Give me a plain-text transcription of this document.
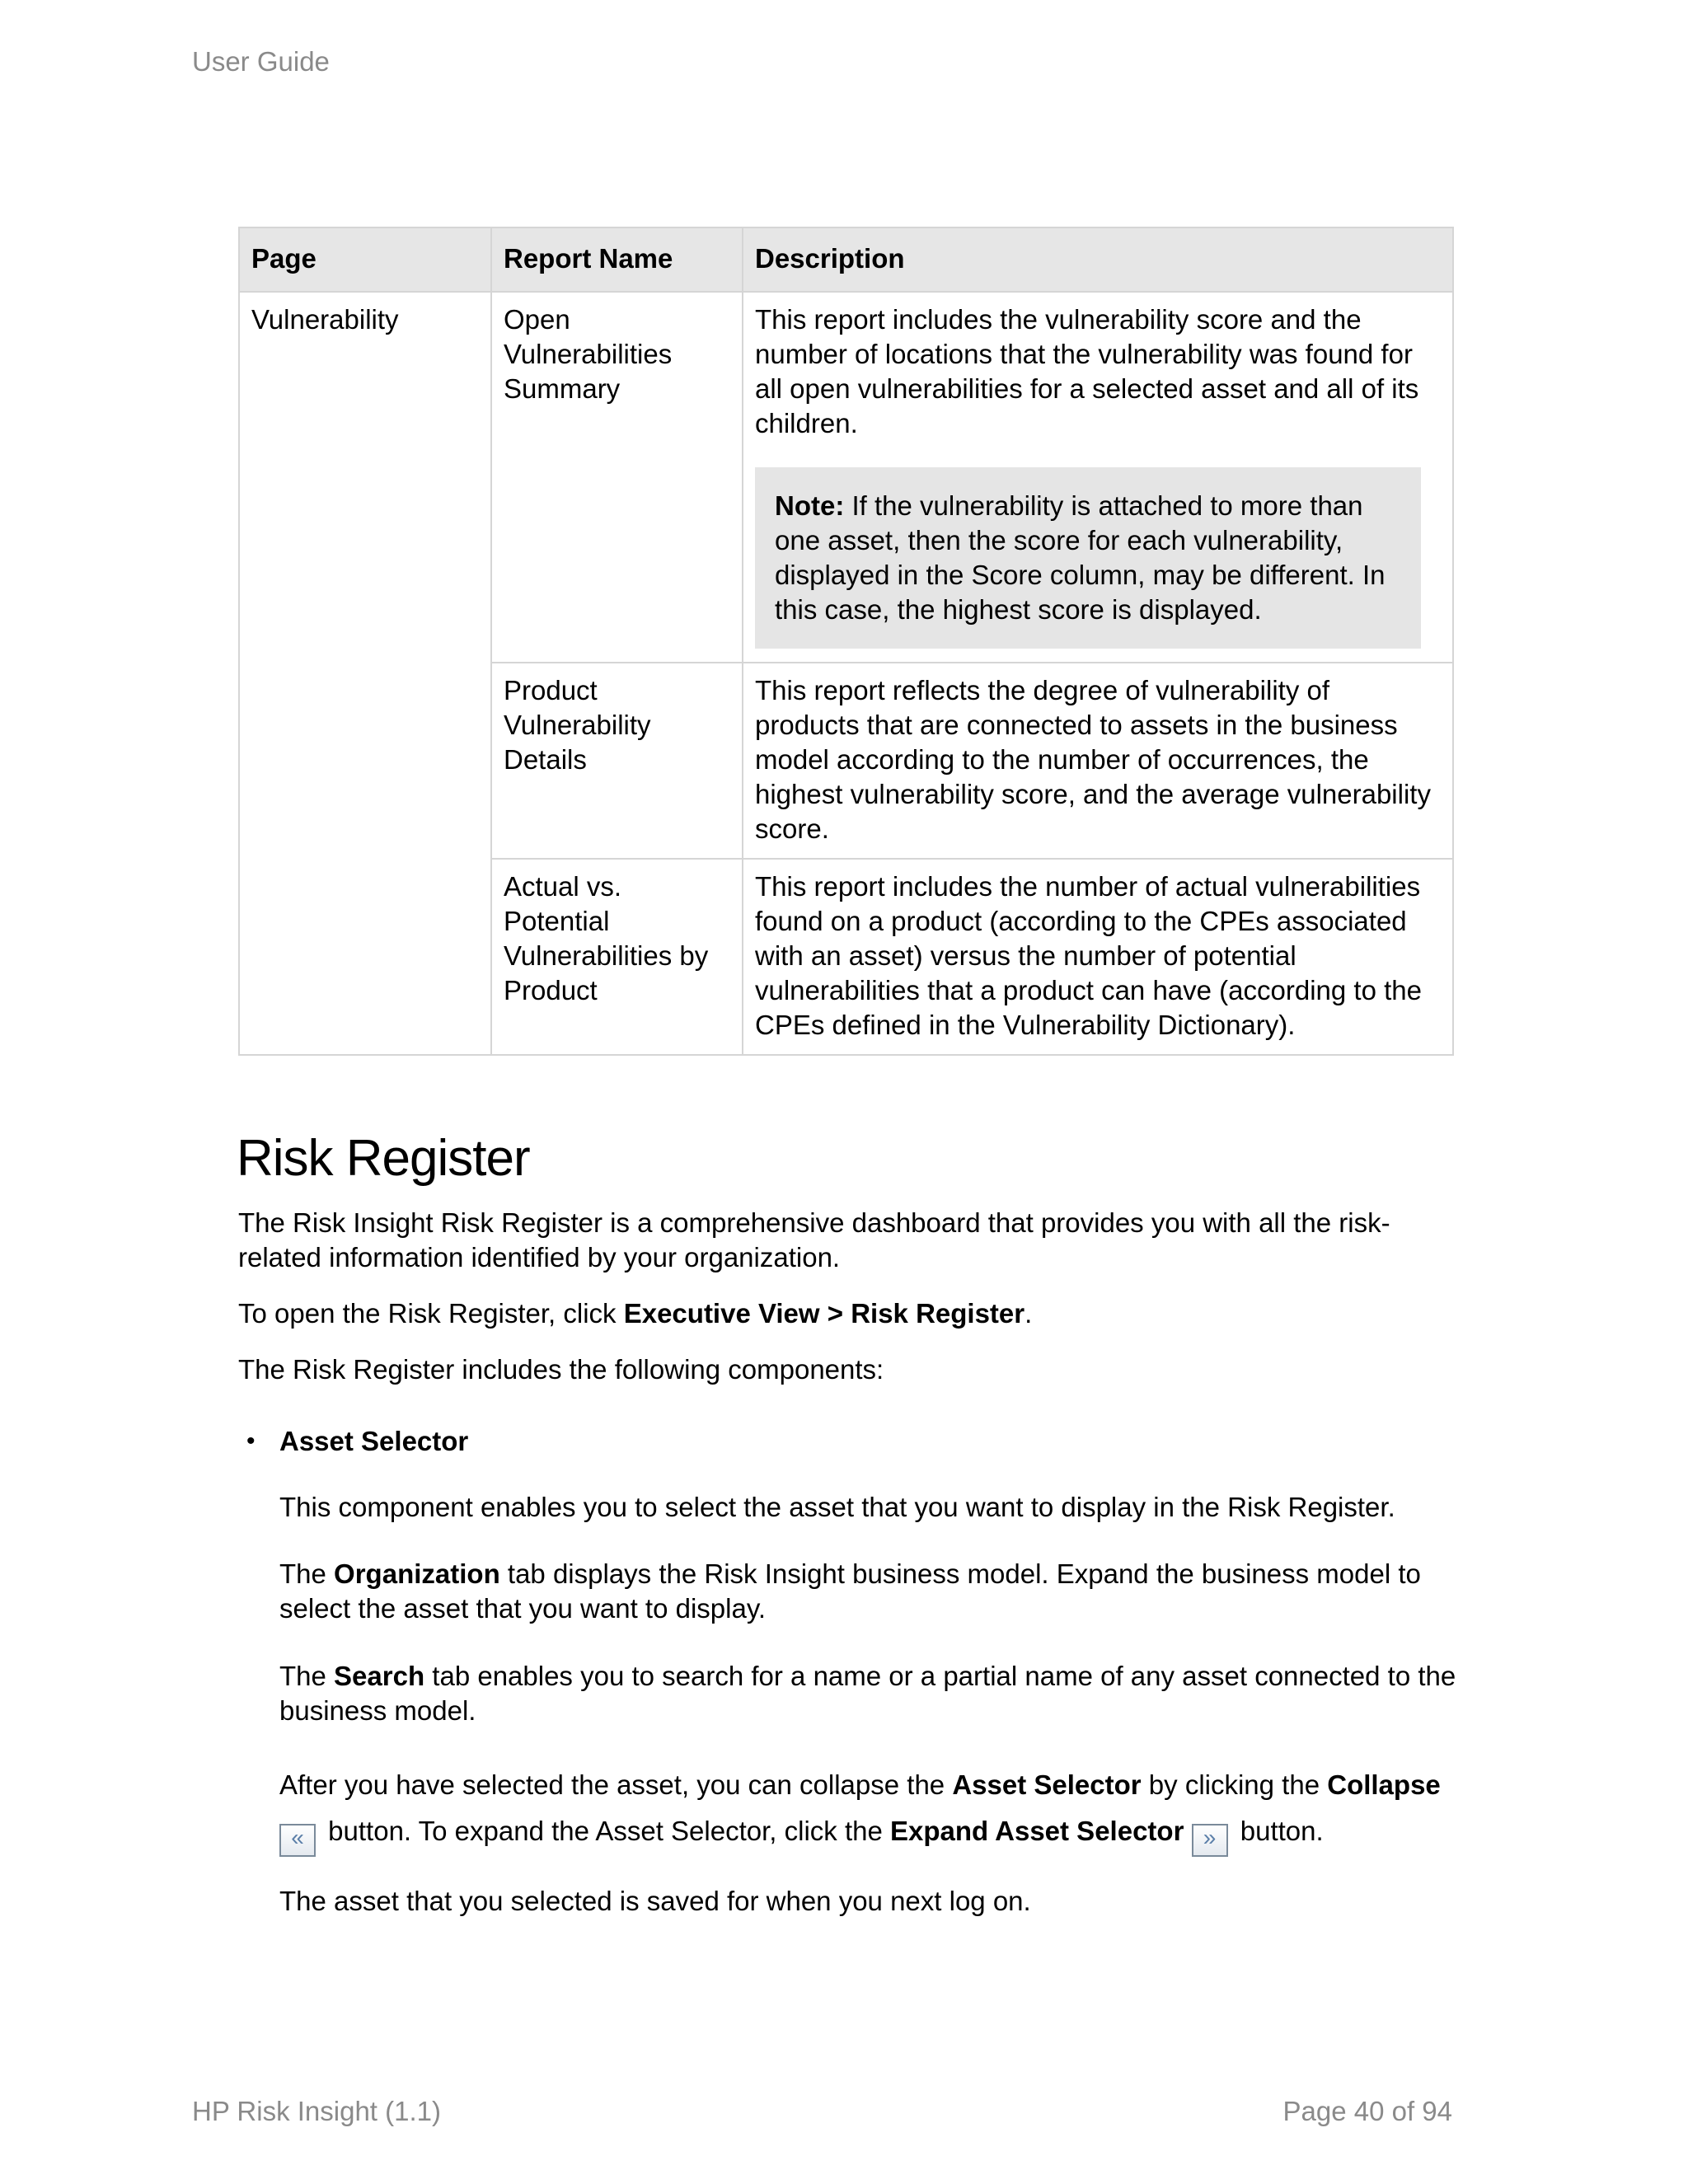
User Guide
Page	Report Name	Description
Vulnerability	Open Vulnerabilities Summary	This report includes the vulnerability score and the number of locations that the vulnerability was found for all open vulnerabilities for a selected asset and all of its children.
Note: If the vulnerability is attached to more than one asset, then the score for each vulnerability, displayed in the Score column, may be different. In this case, the highest score is displayed.

	Product Vulnerability Details	This report reflects the degree of vulnerability of products that are connected to assets in the business model according to the number of occurrences, the highest vulnerability score, and the average vulnerability score.
	Actual vs. Potential Vulnerabilities by Product	This report includes the number of actual vulnerabilities found on a product (according to the CPEs associated with an asset) versus the number of potential vulnerabilities that a product can have (according to the CPEs defined in the Vulnerability Dictionary).
Risk Register

The Risk Insight Risk Register is a comprehensive dashboard that provides you with all the risk-related information identified by your organization.

To open the Risk Register, click Executive View > Risk Register.

The Risk Register includes the following components:

• Asset Selector

This component enables you to select the asset that you want to display in the Risk Register.

The Organization tab displays the Risk Insight business model. Expand the business model to select the asset that you want to display.

The Search tab enables you to search for a name or a partial name of any asset connected to the business model.

After you have selected the asset, you can collapse the Asset Selector by clicking the Collapse
« button. To expand the Asset Selector, click the Expand Asset Selector » button.

The asset that you selected is saved for when you next log on.

HP Risk Insight (1.1)	Page 40 of 94
